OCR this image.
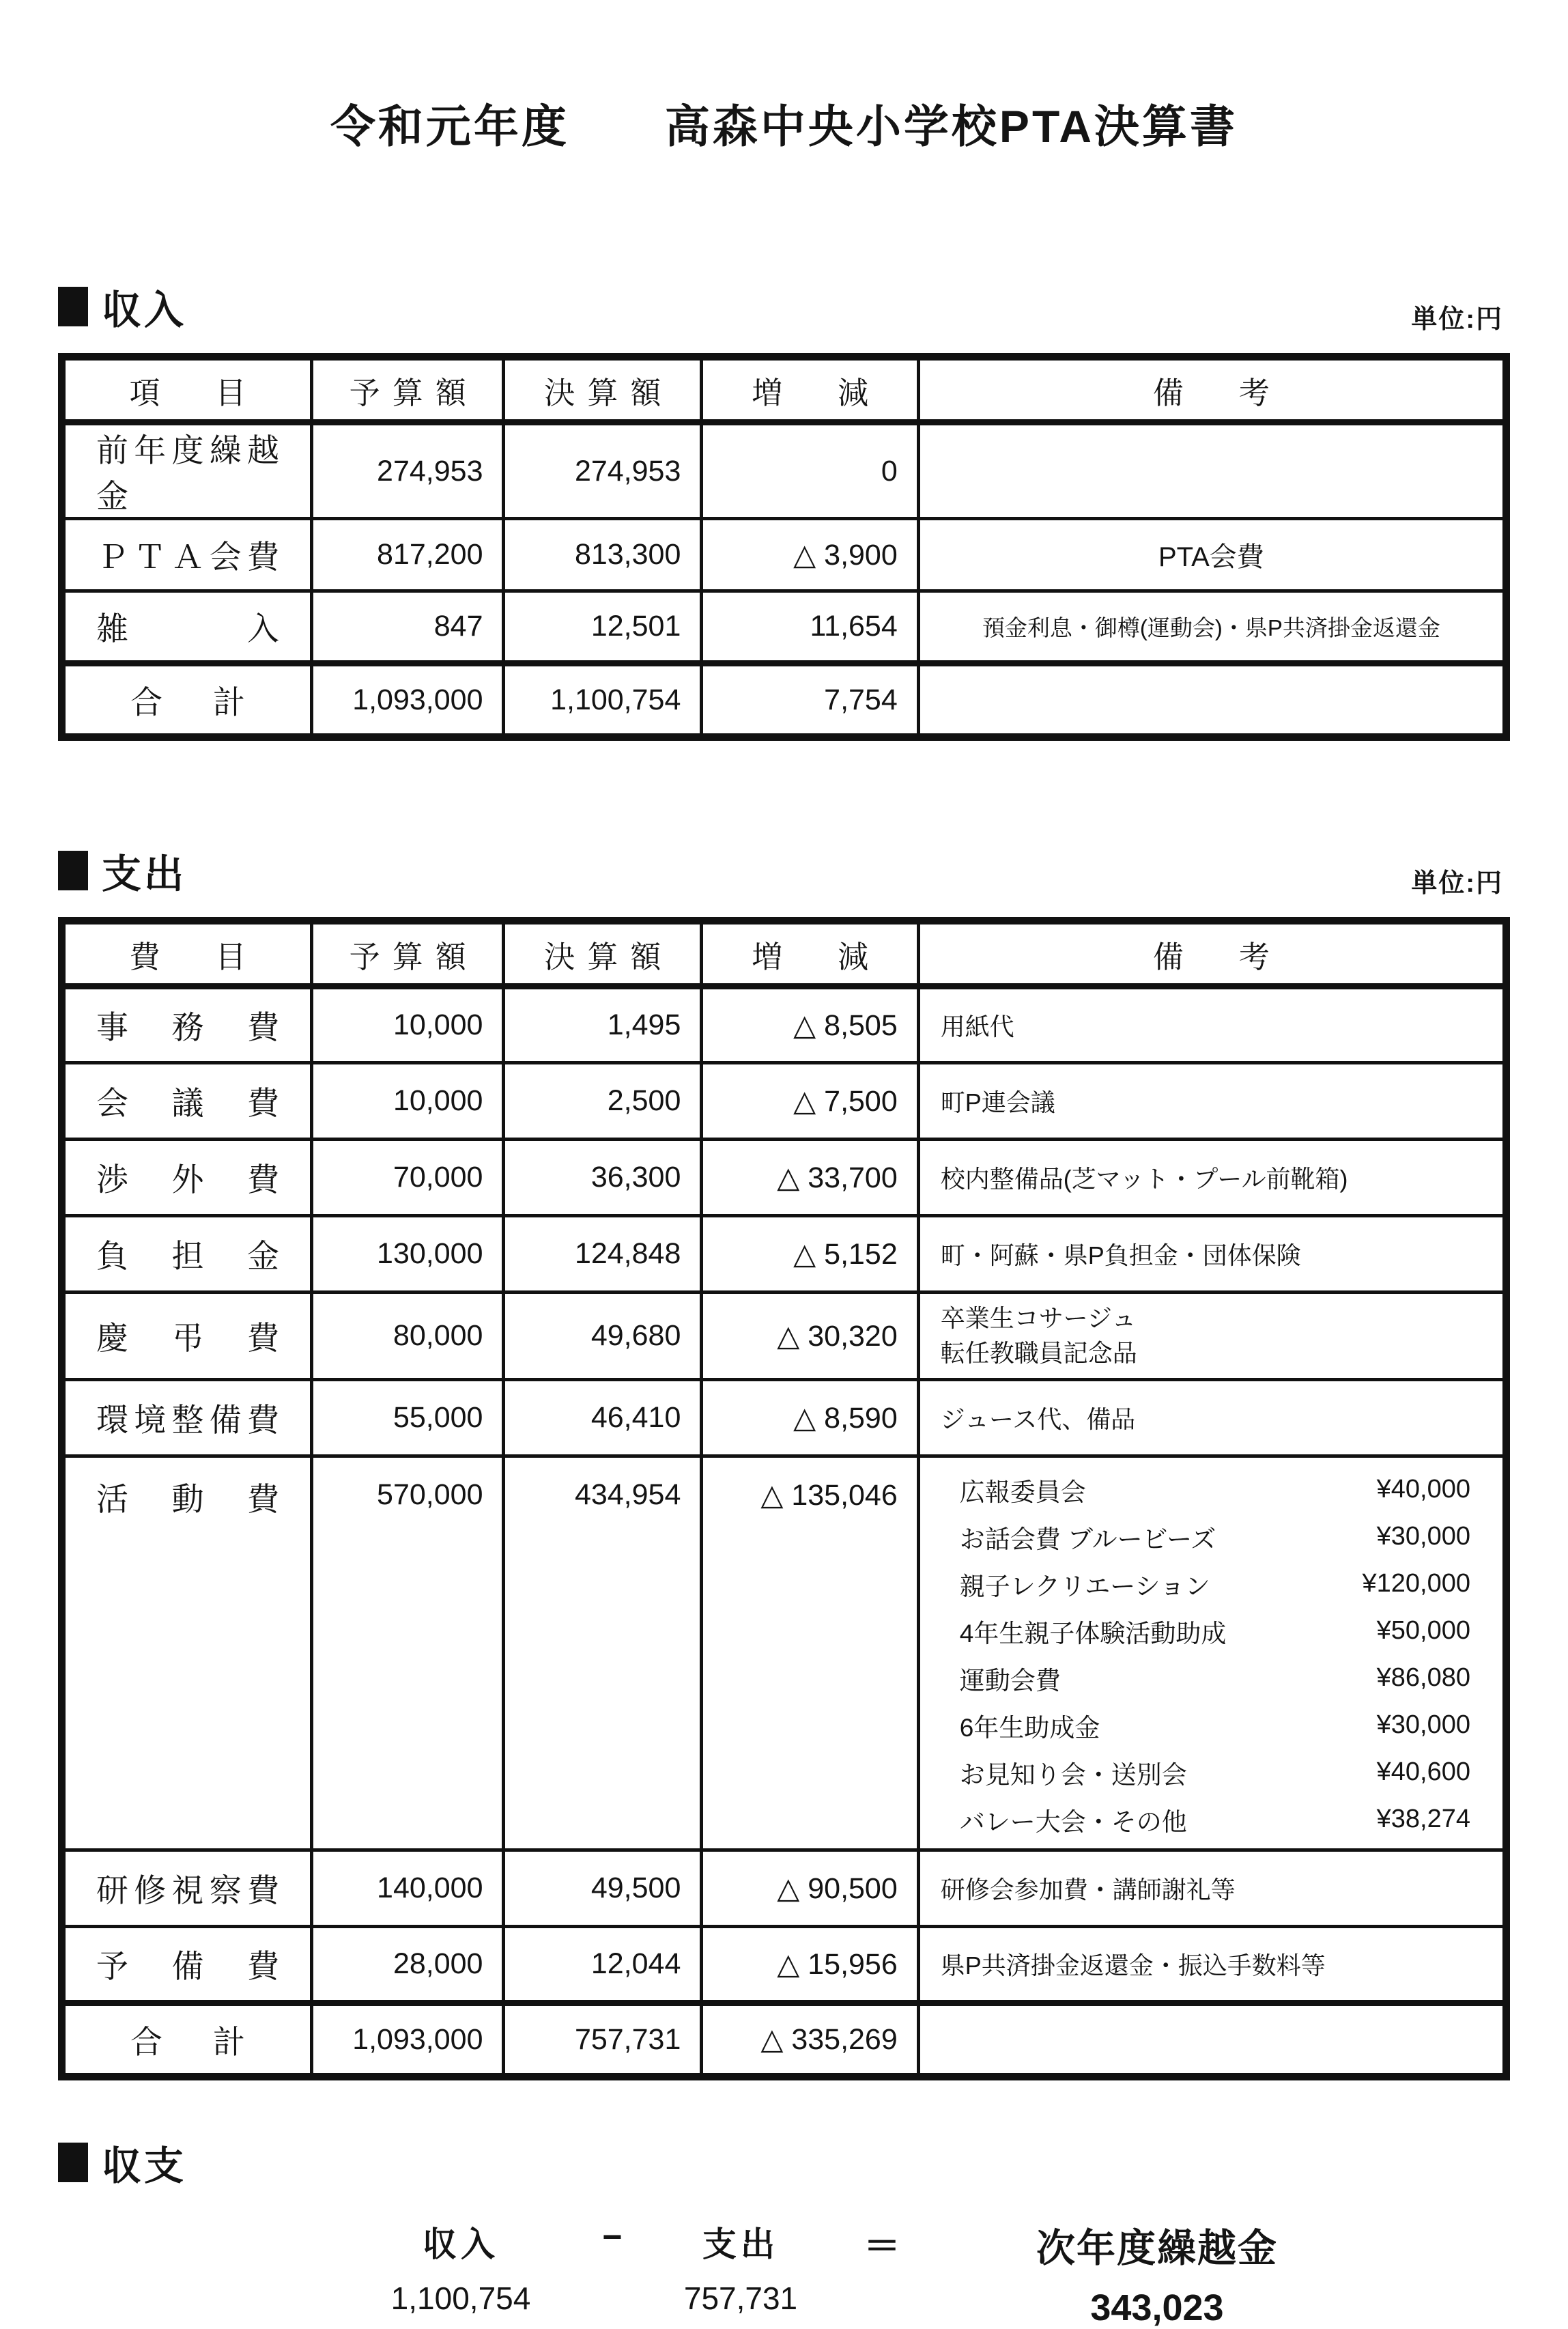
令和元年度　　高森中央小学校PTA決算書
収入	単位:円
項　目	予算額	決算額	増　減	備　考
前年度繰越金	274,953	274,953	0	
ＰＴＡ会費	817,200	813,300	△ 3,900	PTA会費
雑入	847	12,501	11,654	預金利息・御樽(運動会)・県P共済掛金返還金
合計	1,093,000	1,100,754	7,754	
支出	単位:円
費　目	予算額	決算額	増　減	備　考
事務費	10,000	1,495	△ 8,505	用紙代
会議費	10,000	2,500	△ 7,500	町P連会議
渉外費	70,000	36,300	△ 33,700	校内整備品(芝マット・プール前靴箱)
負担金	130,000	124,848	△ 5,152	町・阿蘇・県P負担金・団体保険
慶弔費	80,000	49,680	△ 30,320	卒業生コサージュ
転任教職員記念品

環境整備費	55,000	46,410	△ 8,590	ジュース代、備品
活動費	570,000	434,954	△ 135,046	広報委員会	¥40,000
お話会費 ブルービーズ	¥30,000
親子レクリエーション	¥120,000
4年生親子体験活動助成	¥50,000
運動会費	¥86,080
6年生助成金	¥30,000
お見知り会・送別会	¥40,600
バレー大会・その他	¥38,274

研修視察費	140,000	49,500	△ 90,500	研修会参加費・講師謝礼等
予備費	28,000	12,044	△ 15,956	県P共済掛金返還金・振込手数料等
合計	1,093,000	757,731	△ 335,269	
収支
収入
1,100,754
−	支出
757,731
＝	次年度繰越金
343,023
